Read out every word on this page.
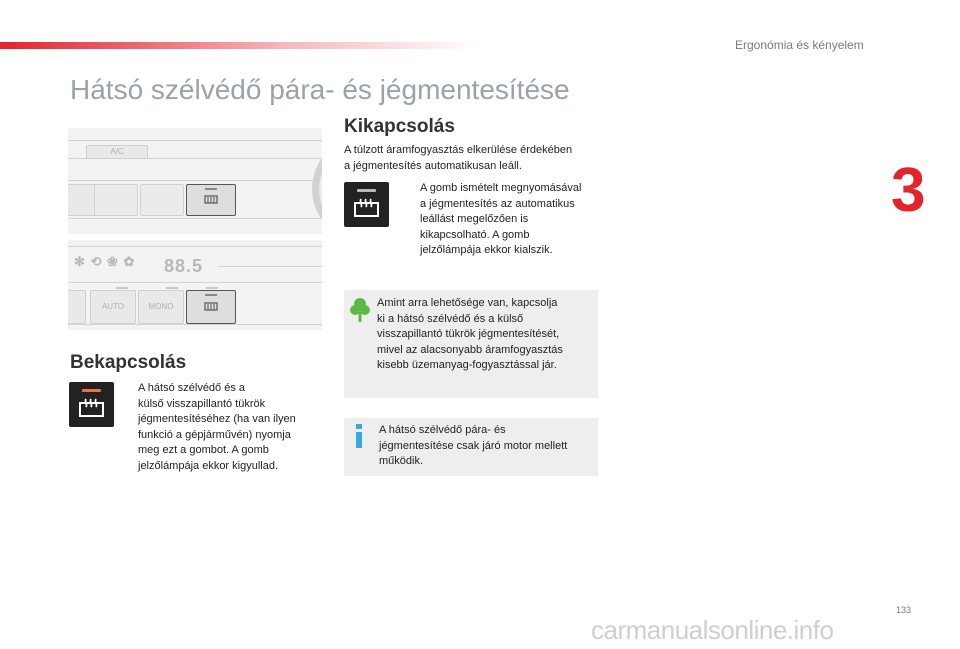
Ergonómia és kényelem
3
Hátsó szélvédő pára- és jégmentesítése
A/C
✻ ⟲ ❀ ✿ 88.5
AUTO	MONO
Bekapcsolás
A hátsó szélvédő és a
külső visszapillantó tükrök
jégmentesítéséhez (ha van ilyen
funkció a gépjárművén) nyomja
meg ezt a gombot. A gomb
jelzőlámpája ekkor kigyullad.
Kikapcsolás
A túlzott áramfogyasztás elkerülése érdekében
a jégmentesítés automatikusan leáll.
A gomb ismételt megnyomásával
a jégmentesítés az automatikus
leállást megelőzően is
kikapcsolható. A gomb
jelzőlámpája ekkor kialszik.
Amint arra lehetősége van, kapcsolja
ki a hátsó szélvédő és a külső
visszapillantó tükrök jégmentesítését,
mivel az alacsonyabb áramfogyasztás
kisebb üzemanyag-fogyasztással jár.
A hátsó szélvédő pára- és
jégmentesítése csak járó motor mellett
működik.
133
carmanualsonline.info
